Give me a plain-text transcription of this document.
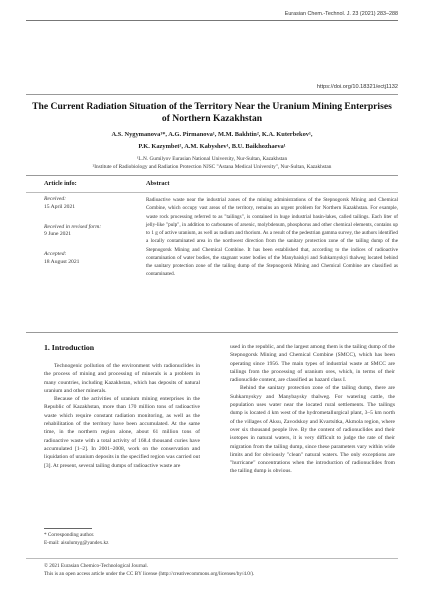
Eurasian Chem.-Technol. J. 23 (2021) 283–288
https://doi.org/10.18321/ectj1132
The Current Radiation Situation of the Territory Near the Uranium Mining Enterprises of Northern Kazakhstan
A.S. Nygymanova¹*, A.G. Pirmanova¹, M.M. Bakhtin², K.A. Kuterbekov¹,
P.K. Kazymbet², A.M. Kabyshev¹, B.U. Baikhozhaeva¹
¹L.N. Gumilyov Eurasian National University, Nur-Sultan, Kazakhstan
²Institute of Radiobiology and Radiation Protection NJSC "Astana Medical University", Nur-Sultan, Kazakhstan
Article info:	Abstract
Received:
15 April 2021
Received in revised form:
9 June 2021
Accepted:
18 August 2021
Radioactive waste near the industrial zones of the mining administrations of the Stepnogorsk Mining and Chemical Combine, which occupy vast areas of the territory, remains an urgent problem for Northern Kazakhstan. For example, waste rock processing referred to as "tailings", is contained in huge industrial basin-lakes, called tailings. Each liter of jelly-like "pulp", in addition to carbonates of arsenic, molybdenum, phosphorus and other chemical elements, contains up to 1 g of active uranium, as well as radium and thorium. As a result of the pedestrian gamma survey, the authors identified a locally contaminated area in the northwest direction from the sanitary protection zone of the tailing dump of the Stepnogorsk Mining and Chemical Combine. It has been established that, according to the indices of radioactive contamination of water bodies, the stagnant water bodies of the Manybaiskyi and Suhkarnyskyi thalweg located behind the sanitary protection zone of the tailing dump of the Stepnogorsk Mining and Chemical Combine are classified as contaminated.
1. Introduction

Technogenic pollution of the environment with radionuclides in the process of mining and processing of minerals is a problem in many countries, including Kazakhstan, which has deposits of natural uranium and other minerals.

Because of the activities of uranium mining enterprises in the Republic of Kazakhstan, more than 170 million tons of radioactive waste which require constant radiation monitoring, as well as the rehabilitation of the territory have been accumulated. At the same time, in the northern region alone, about 61 million tons of radioactive waste with a total activity of 168.4 thousand curies have accumulated [1–2]. In 2001–2008, work on the conservation and liquidation of uranium deposits in the specified region was carried out [3]. At present, several tailing dumps of radioactive waste are

used in the republic, and the largest among them is the tailing dump of the Stepnogorsk Mining and Chemical Combine (SMCC), which has been operating since 1956. The main types of industrial waste at SMCC are tailings from the processing of uranium ores, which, in terms of their radionuclide content, are classified as hazard class I.

Behind the sanitary protection zone of the tailing dump, there are Suhkarnyskyy and Manybaysky thalweg. For watering cattle, the population uses water near the located rural settlements. The tailings dump is located 4 km west of the hydrometallurgical plant, 3–5 km north of the villages of Aksu, Zavodskoy and Kvartsitka, Akmola region, where over six thousand people live. By the content of radionuclides and their isotopes in natural waters, it is very difficult to judge the rate of their migration from the tailing dump, since these parameters vary within wide limits and for obviously "clean" natural waters. The only exceptions are "hurricane" concentrations when the introduction of radionuclides from the tailing dump is obvious.

* Corresponding author.
E-mail: aisulumyg@yandex.kz
© 2021 Eurasian Chemico-Technological Journal.
This is an open access article under the CC BY license (http://creativecommons.org/licenses/by/4.0/).
